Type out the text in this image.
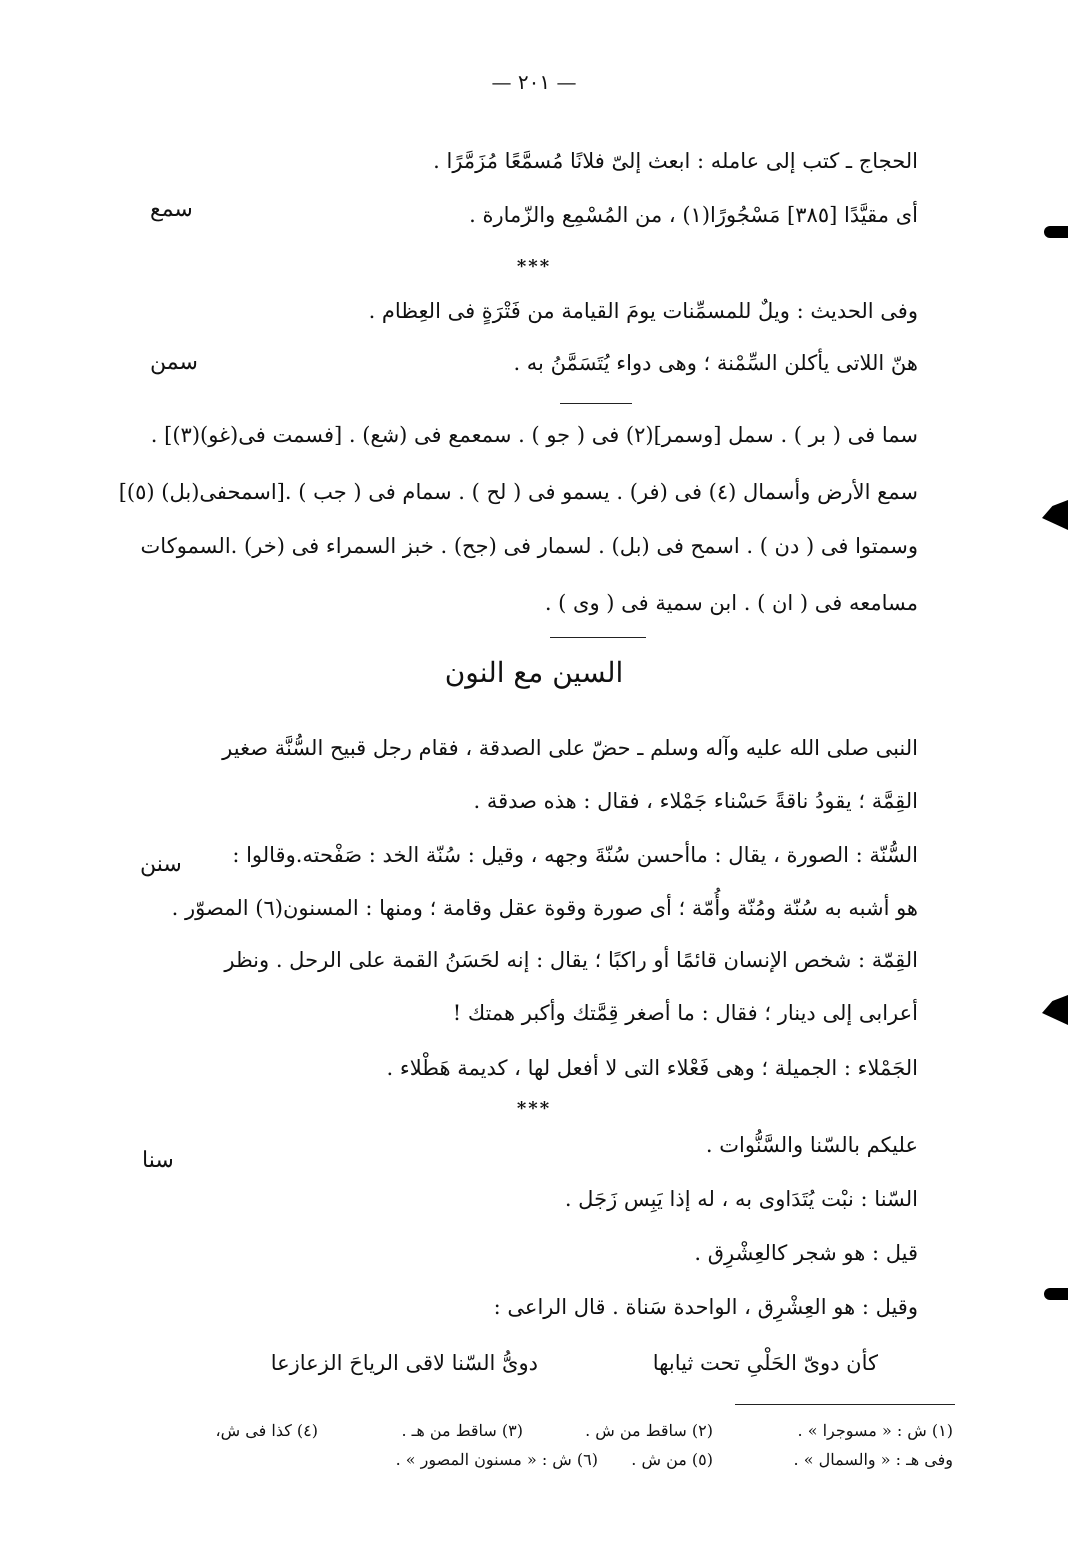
— ٢٠١ —
سمع
سمن
سنن
سنا
الحجاج ـ كتب إلى عامله : ابعث إلىّ فلانًا مُسمَّعًا مُزَمَّرًا .
أى مقيَّدًا [٣٨٥] مَسْجُورًا(١) ، من المُسْمِع والزّمارة .
***
وفى الحديث : ويلٌ للمسمِّنات يومَ القيامة من فَتْرَةٍ فى العِظام .
هنّ اللاتى يأكلن السِّمْنة ؛ وهى دواء يُتَسَمَّنُ به .
سما فى ( بر ) . سمل [وسمر](٢) فى ( جو ) . سمعمع فى (شع) . [فسمت فى(غو)(٣)] .
سمع الأرض وأسمال (٤) فى (فر) . يسمو فى ( لح ) . سمام فى ( جب ) .[اسمحفى(بل) (٥)]
وسمتوا فى ( دن ) . اسمح فى (بل) . لسمار فى (جح) . خبز السمراء فى (خر) .السموكات
مسامعه فى ( ان ) . ابن سمية فى ( وى ) .
السين مع النون
النبى صلى الله عليه وآله وسلم ـ حضّ على الصدقة ، فقام رجل قبيح السُّنَّة صغير
القِمَّة ؛ يقودُ ناقةً حَسْناء جَمْلاء ، فقال : هذه صدقة .
السُّنّة : الصورة ، يقال : ماأحسن سُنّةَ وجهه ، وقيل : سُنّة الخد : صَفْحته.وقالوا :
هو أشبه به سُنّة ومُنّة وأُمّة ؛ أى صورة وقوة عقل وقامة ؛ ومنها : المسنون(٦) المصوّر .
القِمّة : شخص الإنسان قائمًا أو راكبًا ؛ يقال : إنه لحَسَنُ القمة على الرحل . ونظر
أعرابى إلى دينار ؛ فقال : ما أصغر قِمَّتك وأكبر همتك !
الجَمْلاء : الجميلة ؛ وهى فَعْلاء التى لا أفعل لها ، كديمة هَطْلاء .
***
عليكم بالسّنا والسَّنُّوات .
السّنا : نبْت يُتَدَاوى به ، له إذا يَبِس زَجَل .
قيل : هو شجر كالعِشْرِق .
وقيل : هو العِشْرِق ، الواحدة سَناة . قال الراعى :
كأن دوىّ الحَلْىِ تحت ثيابها
دوىُّ السّنا لاقى الرياحَ الزعازعا
(١) ش : « مسوجرا » .
(٢) ساقط من ش .
(٣) ساقط من هـ .
(٤) كذا فى ش،
وفى هـ : « والسمال » .
(٥) من ش .
(٦) ش : « مسنون المصور » .
